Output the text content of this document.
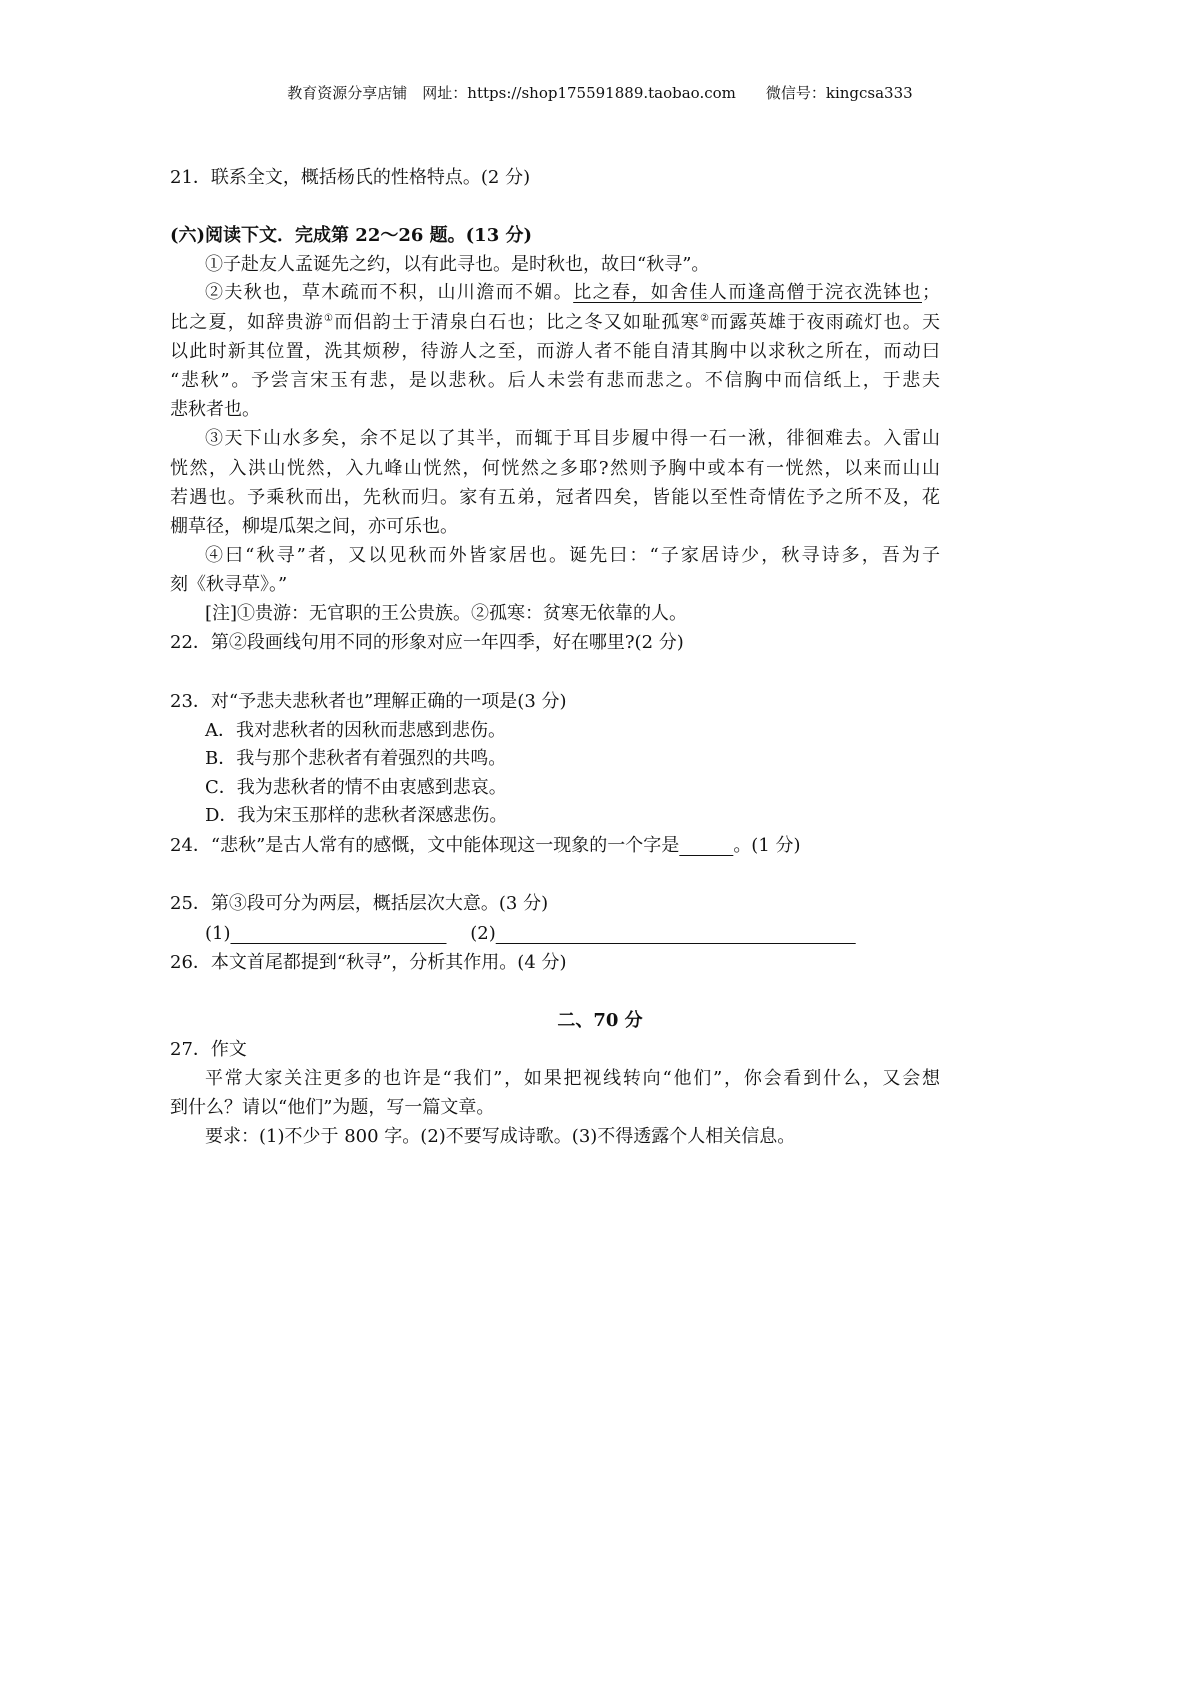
教育资源分享店铺　网址：https://shop175591889.taobao.com　　微信号：kingcsa333
21．联系全文，概括杨氏的性格特点。(2 分)
(六)阅读下文．完成第 22～26 题。(13 分)
①子赴友人孟诞先之约，以有此寻也。是时秋也，故曰“秋寻”。
②夫秋也，草木疏而不积，山川澹而不媚。比之春，如舍佳人而逢高僧于浣衣洗钵也；
比之夏，如辞贵游①而侣韵士于清泉白石也；比之冬又如耻孤寒②而露英雄于夜雨疏灯也。天
以此时新其位置，洗其烦秽，待游人之至，而游人者不能自清其胸中以求秋之所在，而动曰
“悲秋”。予尝言宋玉有悲，是以悲秋。后人未尝有悲而悲之。不信胸中而信纸上，于悲夫
悲秋者也。
③天下山水多矣，余不足以了其半，而辄于耳目步履中得一石一湫，徘徊难去。入雷山
恍然，入洪山恍然，入九峰山恍然，何恍然之多耶?然则予胸中或本有一恍然，以来而山山
若遇也。予乘秋而出，先秋而归。家有五弟，冠者四矣，皆能以至性奇情佐予之所不及，花
棚草径，柳堤瓜架之间，亦可乐也。
④曰“秋寻”者，又以见秋而外皆家居也。诞先曰：“子家居诗少，秋寻诗多，吾为子
刻《秋寻草》。”
[注]①贵游：无官职的王公贵族。②孤寒：贫寒无依靠的人。
22．第②段画线句用不同的形象对应一年四季，好在哪里?(2 分)
23．对“予悲夫悲秋者也”理解正确的一项是(3 分)
A．我对悲秋者的因秋而悲感到悲伤。
B．我与那个悲秋者有着强烈的共鸣。
C．我为悲秋者的情不由衷感到悲哀。
D．我为宋玉那样的悲秋者深感悲伤。
24．“悲秋”是古人常有的感慨，文中能体现这一现象的一个字是　　　	。(1 分)
25．第③段可分为两层，概括层次大意。(3 分)
(1)　　　　　　　　　　　　	　 (2)　　　　　　　　　　　　　　　　　　　　
26．本文首尾都提到“秋寻”，分析其作用。(4 分)
二、70 分
27．作文
平常大家关注更多的也许是“我们”，如果把视线转向“他们”，你会看到什么，又会想
到什么？请以“他们”为题，写一篇文章。
要求：(1)不少于 800 字。(2)不要写成诗歌。(3)不得透露个人相关信息。
